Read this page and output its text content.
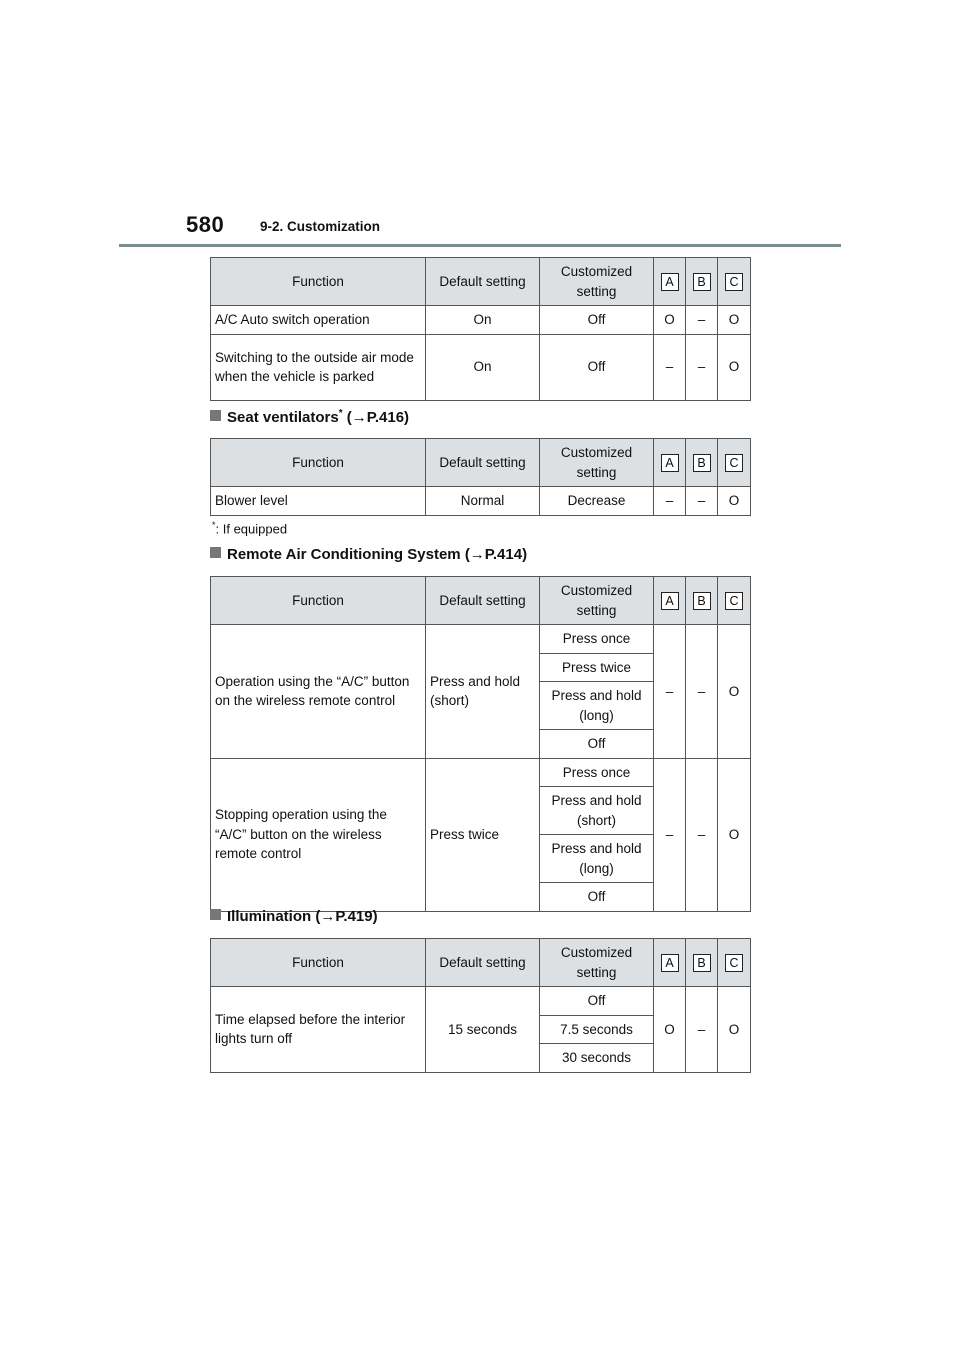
580	9-2. Customization
Function	Default setting	Customized setting	A	B	C
A/C Auto switch operation	On	Off	O	–	O
Switching to the outside air mode when the vehicle is parked	On	Off	–	–	O
Seat ventilators* (→P.416)
Function	Default setting	Customized setting	A	B	C
Blower level	Normal	Decrease	–	–	O
*: If equipped
Remote Air Conditioning System (→P.414)
Function	Default setting	Customized setting	A	B	C
Operation using the “A/C” button on the wireless remote control	Press and hold (short)	Press once	–	–	O
		Press twice			
		Press and hold (long)			
		Off			
Stopping operation using the “A/C” button on the wireless remote control	Press twice	Press once	–	–	O
		Press and hold (short)			
		Press and hold (long)			
		Off			
Illumination (→P.419)
Function	Default setting	Customized setting	A	B	C
Time elapsed before the interior lights turn off	15 seconds	Off	O	–	O
		7.5 seconds			
		30 seconds			
